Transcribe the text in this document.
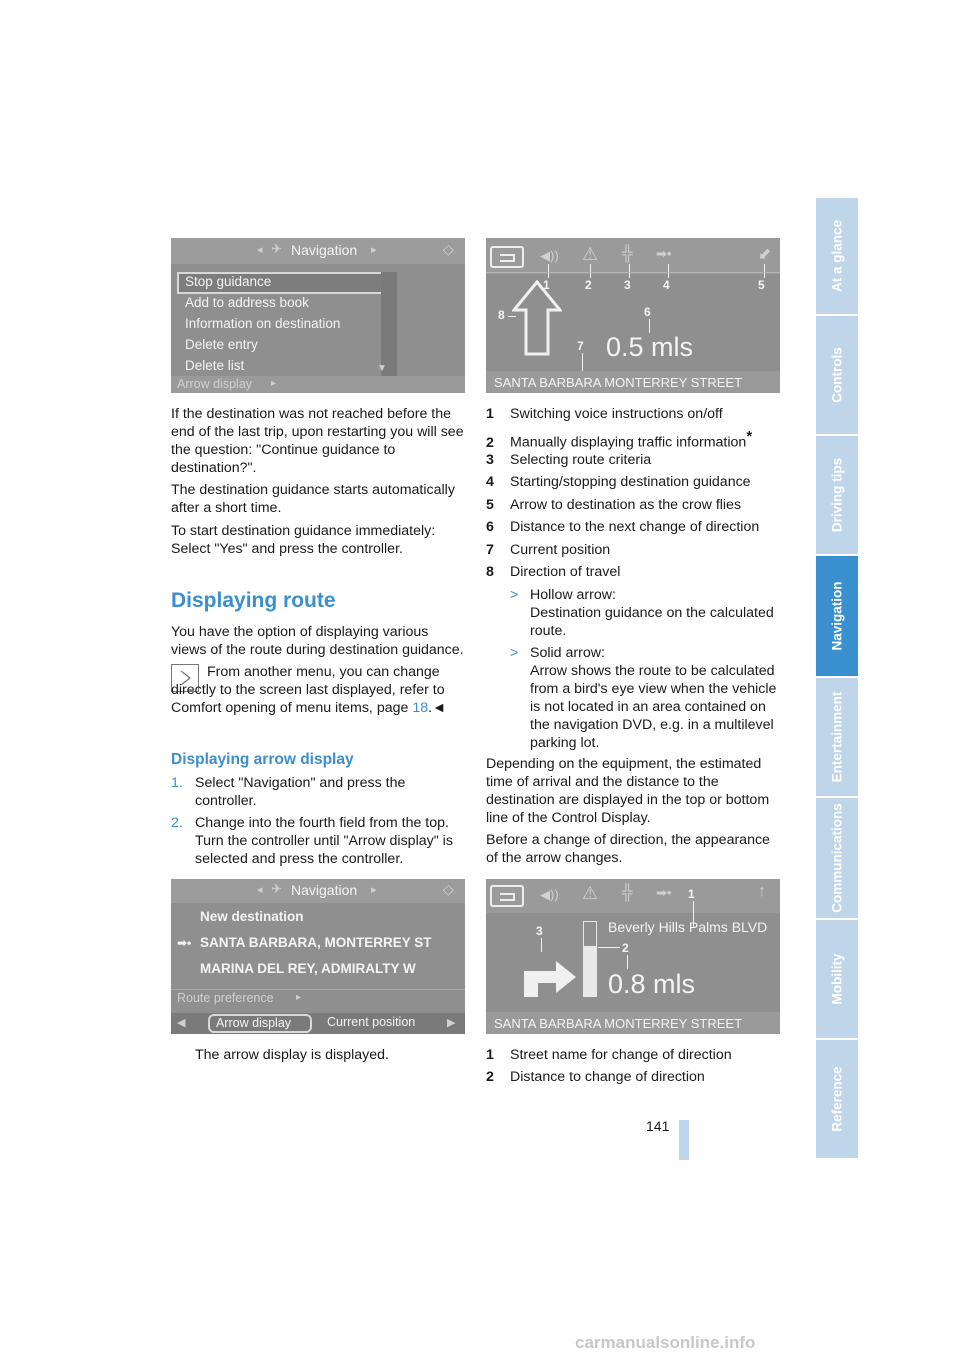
At a glance
Controls
Driving tips
Navigation
Entertainment
Communications
Mobility
Reference
◂ ✈ Navigation ▸	◇
▼
Stop guidance
Add to address book
Information on destination
Delete entry
Delete list
Arrow display ▸

If the destination was not reached before the end of the last trip, upon restarting you will see the question: "Continue guidance to destination?".

The destination guidance starts automatically after a short time.

To start destination guidance immediately: Select "Yes" and press the controller.

Displaying route

You have the option of displaying various views of the route during destination guidance.

From another menu, you can change directly to the screen last displayed, refer to Comfort opening of menu items, page 18.◄

Displaying arrow display
1. Select "Navigation" and press the controller.

2. Change into the fourth field from the top. Turn the controller until "Arrow display" is selected and press the controller.

◂ ✈ Navigation ▸	◇
New destination
➡• SANTA BARBARA, MONTERREY ST
MARINA DEL REY, ADMIRALTY W
Route preference ▸
◀ Arrow display	Current position	▶

The arrow display is displayed.

◀)) ⚠ ╬ ➡•	⬋
1	2	3	4	5
8	6
7 0.5 mls
SANTA BARBARA MONTERREY STREET
1 Switching voice instructions on/off
2 Manually displaying traffic information*
3 Selecting route criteria
4 Starting/stopping destination guidance
5 Arrow to destination as the crow flies
6 Distance to the next change of direction
7 Current position
8 Direction of travel
> Hollow arrow:

Destination guidance on the calculated route.

> Solid arrow:

Arrow shows the route to be calculated from a bird's eye view when the vehicle is not located in an area contained on the navigation DVD, e.g. in a multilevel parking lot.

Depending on the equipment, the estimated time of arrival and the distance to the destination are displayed in the top or bottom line of the Control Display.

Before a change of direction, the appearance of the arrow changes.

◀)) ⚠ ╬ ➡• 1	↑
Beverly Hills Palms BLVD
3
2
0.8 mls
SANTA BARBARA MONTERREY STREET
1 Street name for change of direction
2 Distance to change of direction
141
carmanualsonline.info
